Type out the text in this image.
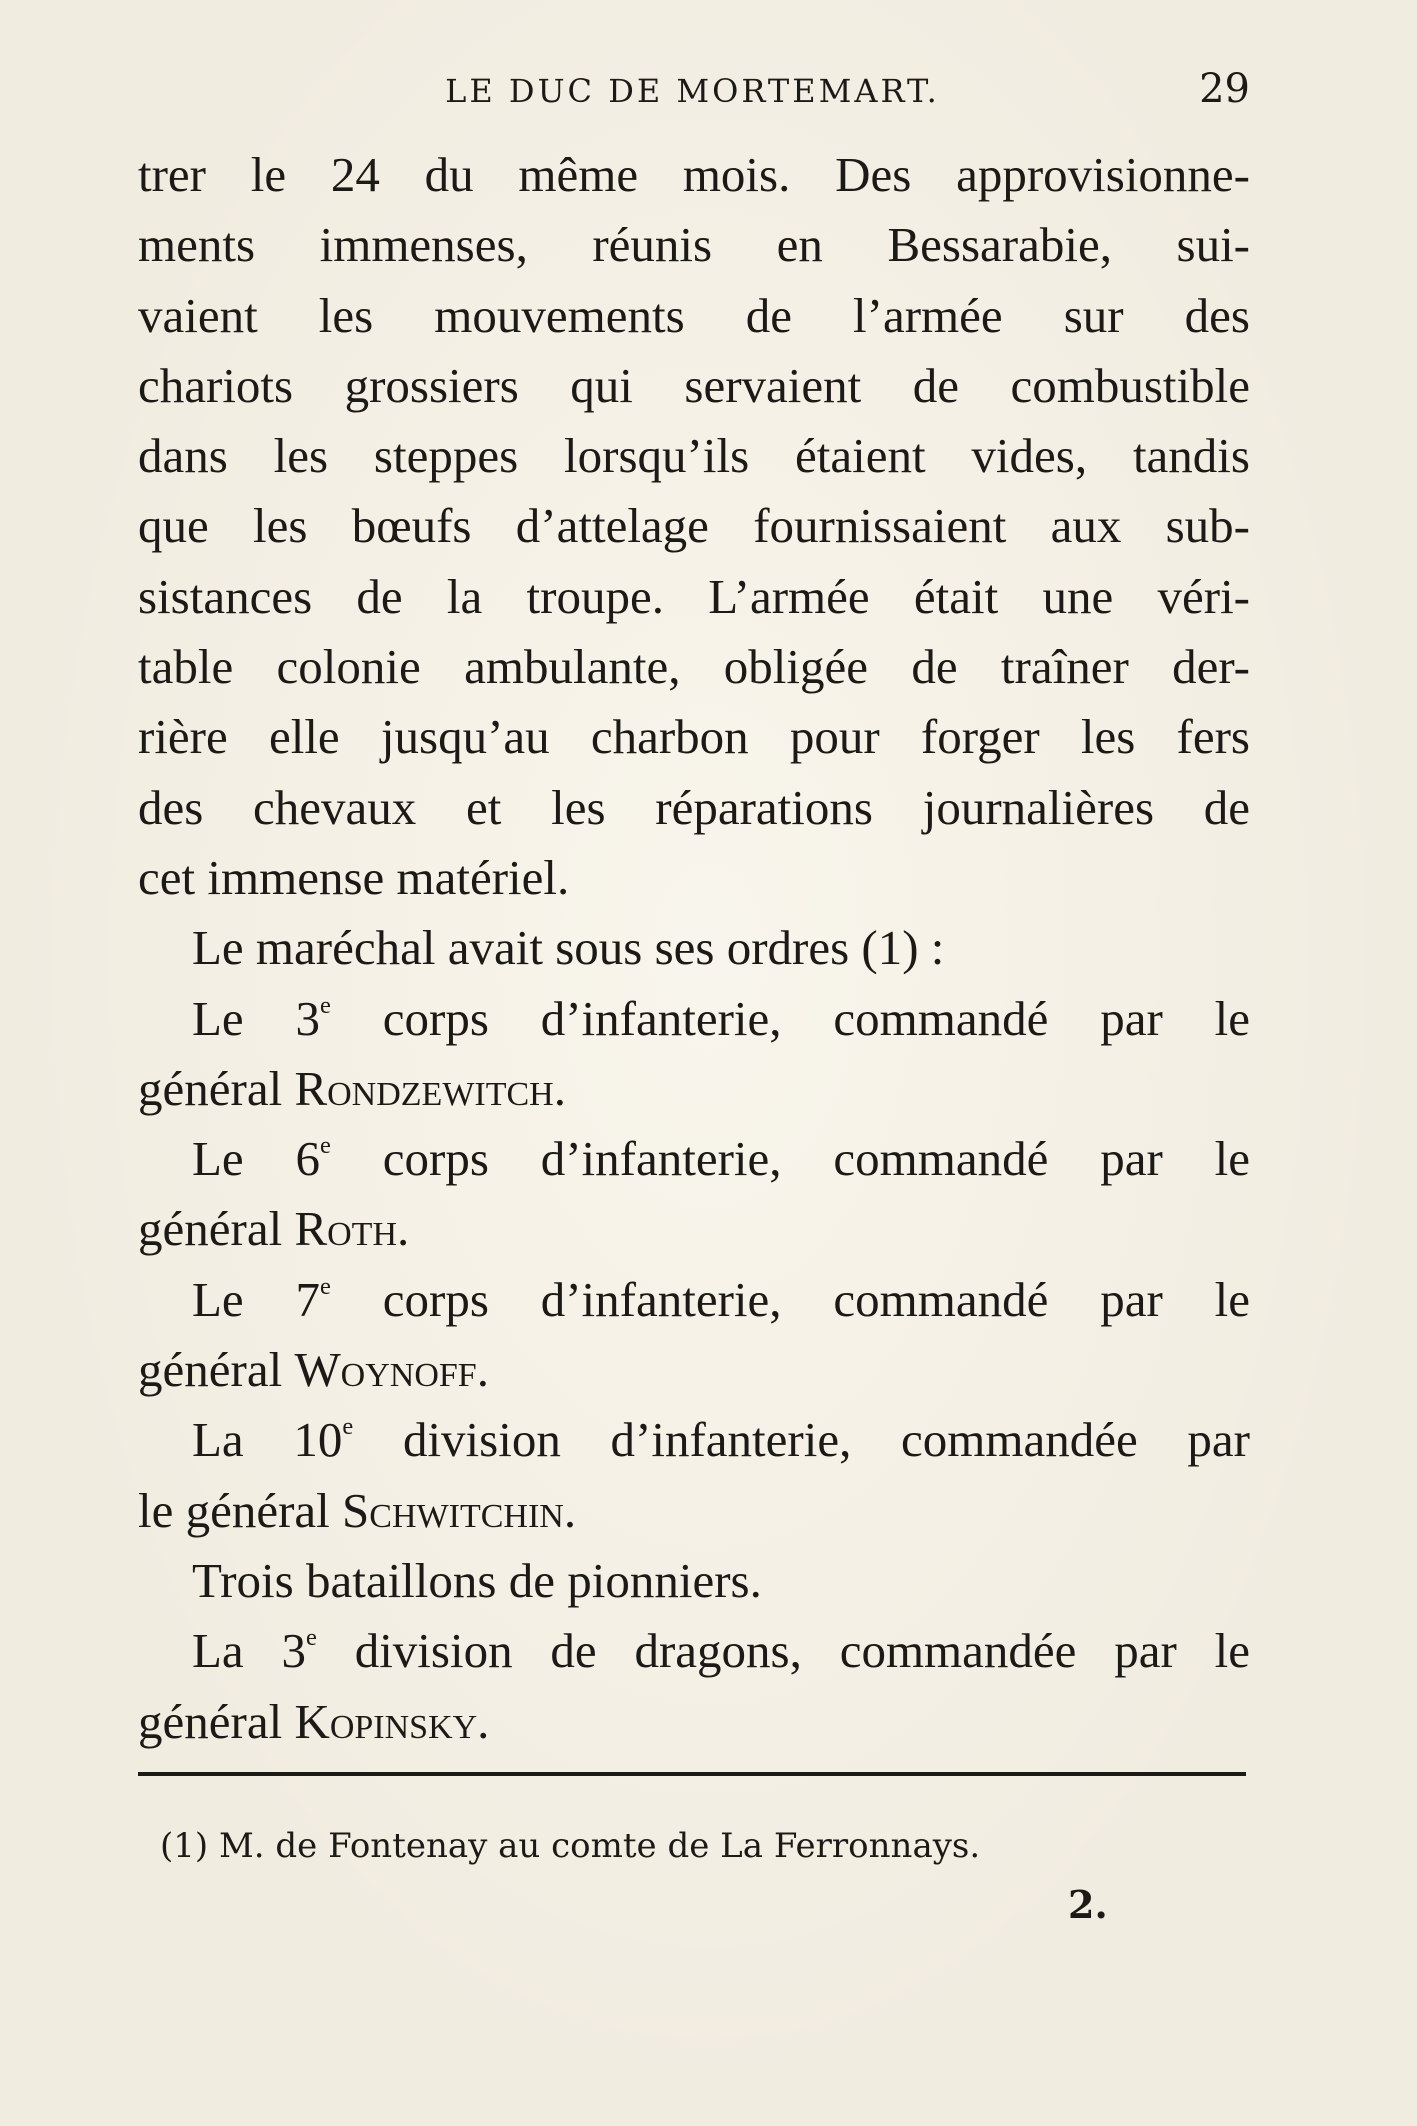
LE DUC DE MORTEMART.	29
trer le 24 du même mois. Des approvisionne-
ments immenses, réunis en Bessarabie, sui-
vaient les mouvements de l’armée sur des
chariots grossiers qui servaient de combustible
dans les steppes lorsqu’ils étaient vides, tandis
que les bœufs d’attelage fournissaient aux sub-
sistances de la troupe. L’armée était une véri-
table colonie ambulante, obligée de traîner der-
rière elle jusqu’au charbon pour forger les fers
des chevaux et les réparations journalières de
cet immense matériel.
Le maréchal avait sous ses ordres (1) :
Le 3e corps d’infanterie, commandé par le
général Rondzewitch.
Le 6e corps d’infanterie, commandé par le
général Roth.
Le 7e corps d’infanterie, commandé par le
général Woynoff.
La 10e division d’infanterie, commandée par
le général Schwitchin.
Trois bataillons de pionniers.
La 3e division de dragons, commandée par le
général Kopinsky.
(1) M. de Fontenay au comte de La Ferronnays.
2.
